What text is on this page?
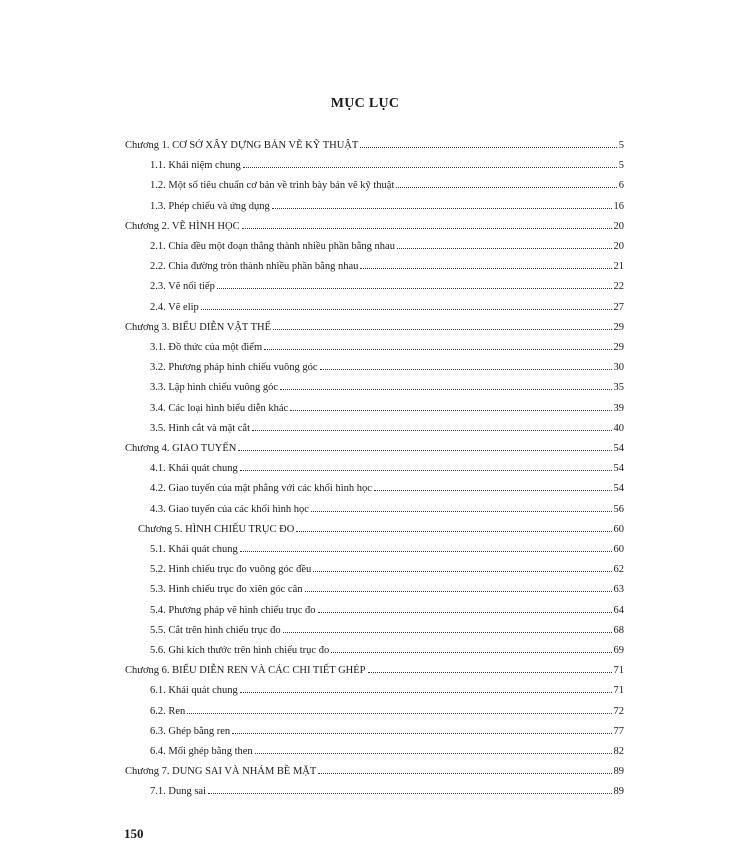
MỤC LỤC
Chương 1. CƠ SỞ XÂY DỰNG BẢN VẼ KỸ THUẬT	5
1.1. Khái niệm chung	5
1.2. Một số tiêu chuẩn cơ bản về trình bày bản vẽ kỹ thuật	6
1.3. Phép chiếu và ứng dụng	16
Chương 2. VẼ HÌNH HỌC	20
2.1. Chia đều một đoạn thẳng thành nhiều phần bằng nhau	20
2.2. Chia đường tròn thành nhiều phần bằng nhau	21
2.3. Vẽ nối tiếp	22
2.4. Vẽ elip	27
Chương 3. BIỂU DIỄN VẬT THỂ	29
3.1. Đồ thức của một điểm	29
3.2. Phương pháp hình chiếu vuông góc	30
3.3. Lập hình chiếu vuông góc	35
3.4. Các loại hình biểu diễn khác	39
3.5. Hình cắt và mặt cắt	40
Chương 4. GIAO TUYẾN	54
4.1. Khái quát chung	54
4.2. Giao tuyến của mặt phẳng với các khối hình học	54
4.3. Giao tuyến của các khối hình học	56
Chương 5. HÌNH CHIẾU TRỤC ĐO	60
5.1. Khái quát chung	60
5.2. Hình chiếu trục đo vuông góc đều	62
5.3. Hình chiếu trục đo xiên góc cân	63
5.4. Phương pháp vẽ hình chiếu trục đo	64
5.5. Cắt trên hình chiếu trục đo	68
5.6. Ghi kích thước trên hình chiếu trục đo	69
Chương 6. BIỂU DIỄN REN VÀ CÁC CHI TIẾT GHÉP	71
6.1. Khái quát chung	71
6.2. Ren	72
6.3. Ghép bằng ren	77
6.4. Mối ghép bằng then	82
Chương 7. DUNG SAI VÀ NHÁM BỀ MẶT	89
7.1. Dung sai	89
150
